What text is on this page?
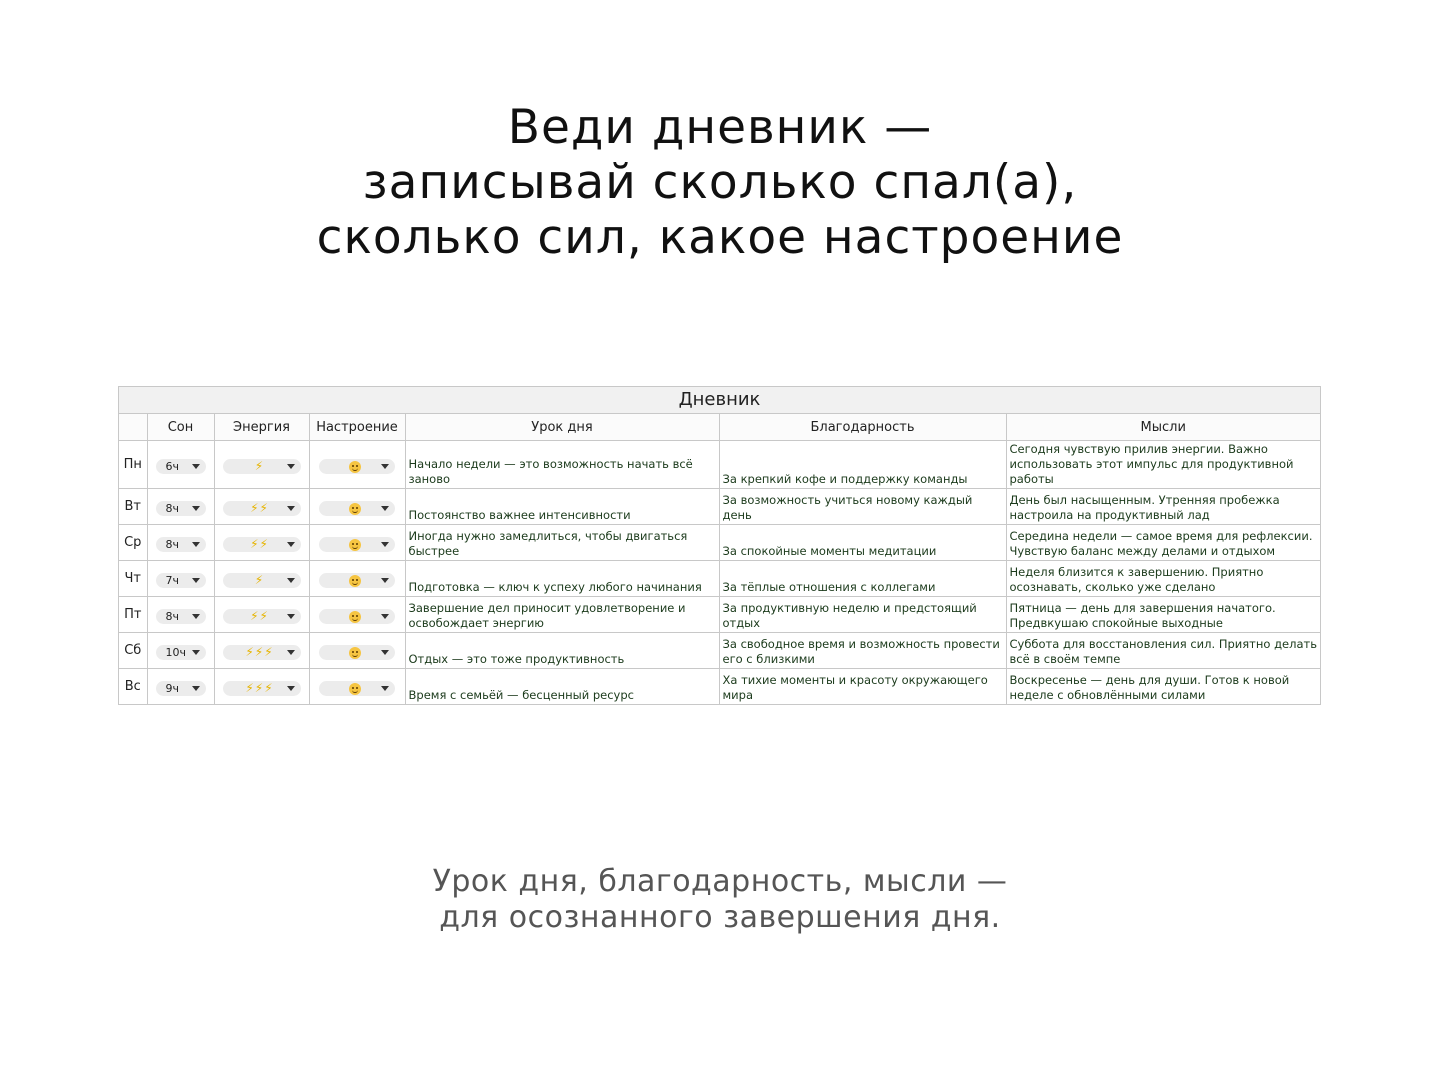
Веди дневник —
записывай сколько спал(а),
сколько сил, какое настроение
Дневник
	Сон	Энергия	Настроение	Урок дня	Благодарность	Мысли
Пн	6ч	⚡		Начало недели — это возможность начать всё заново	За крепкий кофе и поддержку команды	Сегодня чувствую прилив энергии. Важно использовать этот импульс для продуктивной работы
Вт	8ч	⚡⚡		Постоянство важнее интенсивности	За возможность учиться новому каждый день	День был насыщенным. Утренняя пробежка настроила на продуктивный лад
Ср	8ч	⚡⚡		Иногда нужно замедлиться, чтобы двигаться быстрее	За спокойные моменты медитации	Середина недели — самое время для рефлексии. Чувствую баланс между делами и отдыхом
Чт	7ч	⚡		Подготовка — ключ к успеху любого начинания	За тёплые отношения с коллегами	Неделя близится к завершению. Приятно осознавать, сколько уже сделано
Пт	8ч	⚡⚡		Завершение дел приносит удовлетворение и освобождает энергию	За продуктивную неделю и предстоящий отдых	Пятница — день для завершения начатого. Предвкушаю спокойные выходные
Сб	10ч	⚡⚡⚡		Отдых — это тоже продуктивность	За свободное время и возможность провести его с близкими	Суббота для восстановления сил. Приятно делать всё в своём темпе
Вс	9ч	⚡⚡⚡		Время с семьёй — бесценный ресурс	Ха тихие моменты и красоту окружающего мира	Воскресенье — день для души. Готов к новой неделе с обновлёнными силами
Урок дня, благодарность, мысли —
для осознанного завершения дня.
